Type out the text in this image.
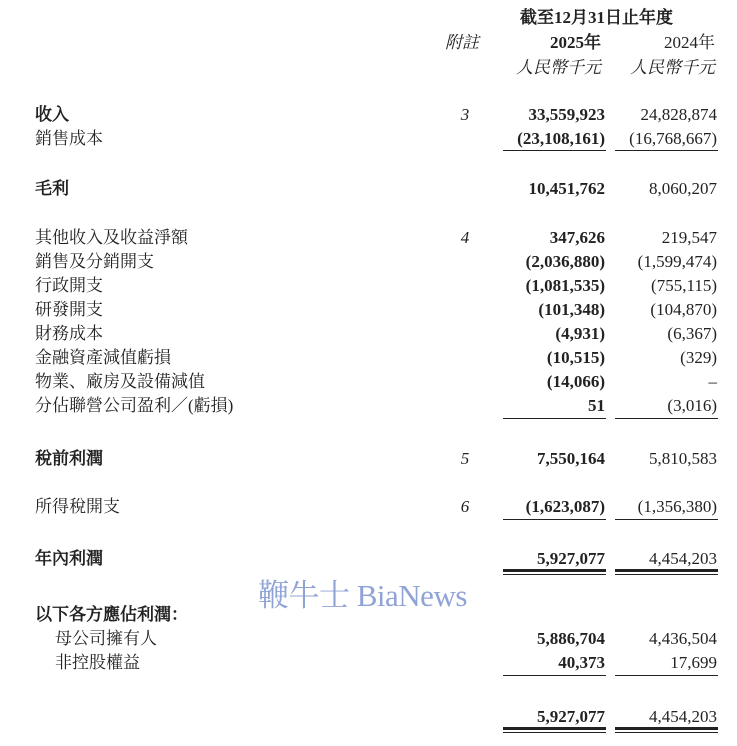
截至12月31日止年度
附註	2025年	2024年
人民幣千元 人民幣千元
收入	3	33,559,923 24,828,874
銷售成本	(23,108,161) (16,768,667)
毛利	10,451,762	8,060,207
其他收入及收益淨額	4	347,626	219,547
銷售及分銷開支	(2,036,880) (1,599,474)
行政開支	(1,081,535)	(755,115)
研發開支	(101,348)	(104,870)
財務成本	(4,931)	(6,367)
金融資產減值虧損	(10,515)	(329)
物業、廠房及設備減值	(14,066)	–
分佔聯營公司盈利／(虧損)	51	(3,016)
稅前利潤	5	7,550,164	5,810,583
所得稅開支	6	(1,623,087) (1,356,380)
年內利潤	5,927,077	4,454,203
以下各方應佔利潤：
母公司擁有人	5,886,704	4,436,504
非控股權益	40,373	17,699
5,927,077	4,454,203
鞭牛士 BiaNews
